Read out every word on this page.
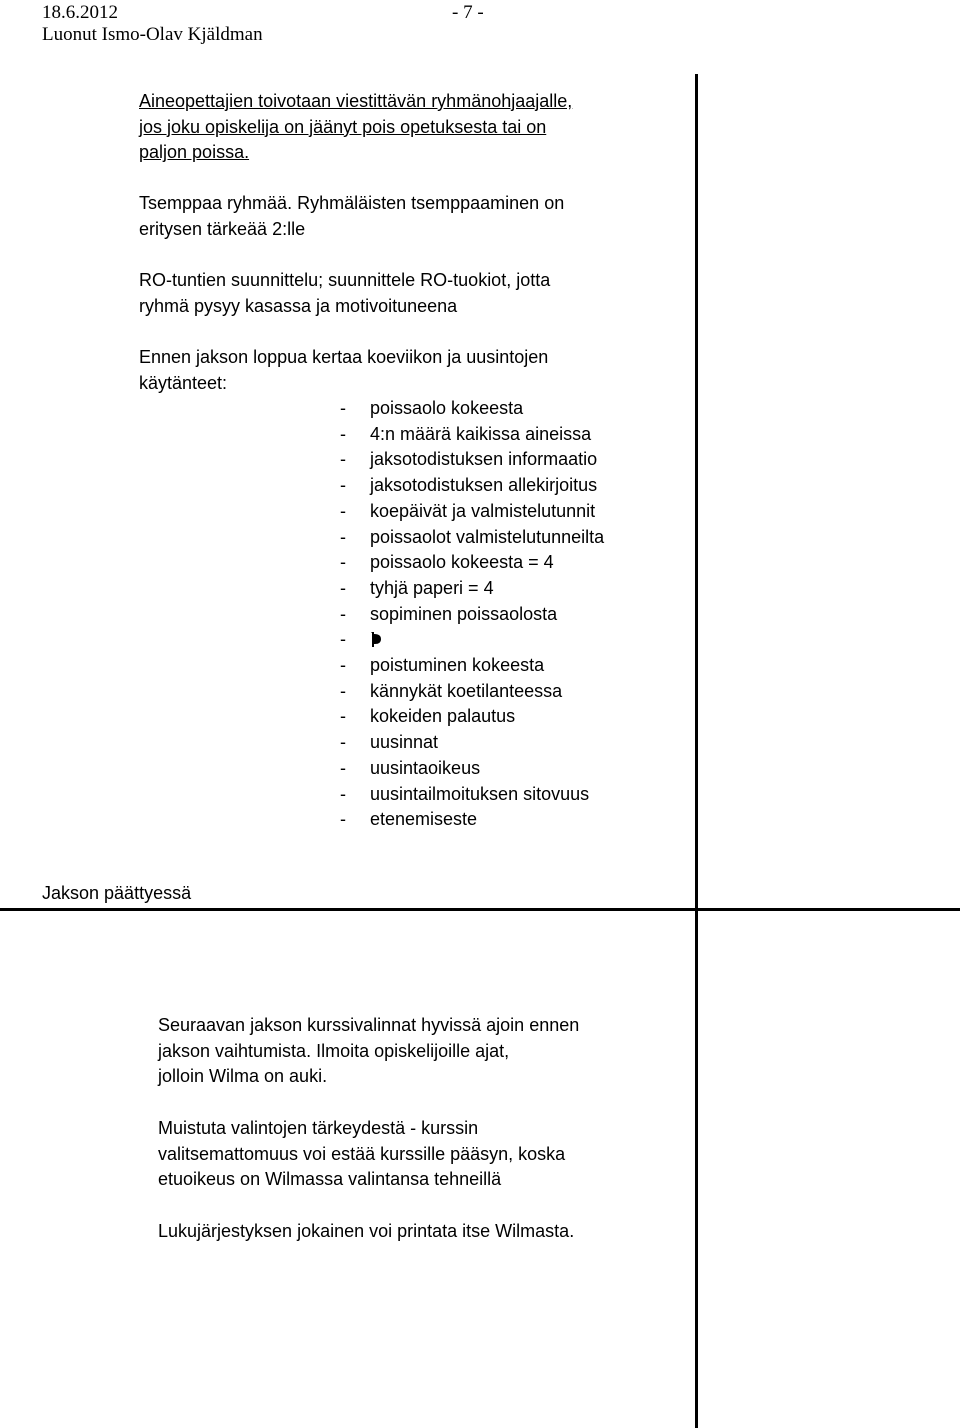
18.6.2012	- 7 -
Luonut Ismo-Olav Kjäldman
Aineopettajien toivotaan viestittävän ryhmänohjaajalle,
jos joku opiskelija on jäänyt pois opetuksesta tai on
paljon poissa.
Tsemppaa ryhmää. Ryhmäläisten tsemppaaminen on
eritysen tärkeää 2:lle
RO-tuntien suunnittelu; suunnittele RO-tuokiot, jotta
ryhmä pysyy kasassa ja motivoituneena
Ennen jakson loppua kertaa koeviikon ja uusintojen
käytänteet:
- poissaolo kokeesta
- 4:n määrä kaikissa aineissa
- jaksotodistuksen informaatio
- jaksotodistuksen allekirjoitus
- koepäivät ja valmistelutunnit
- poissaolot valmistelutunneilta
- poissaolo kokeesta = 4
- tyhjä paperi = 4
- sopiminen poissaolosta
-
- poistuminen kokeesta
- kännykät koetilanteessa
- kokeiden palautus
- uusinnat
- uusintaoikeus
- uusintailmoituksen sitovuus
- etenemiseste
Jakson päättyessä
Seuraavan jakson kurssivalinnat hyvissä ajoin ennen
jakson vaihtumista. Ilmoita opiskelijoille ajat,
jolloin Wilma on auki.
Muistuta valintojen tärkeydestä - kurssin
valitsemattomuus voi estää kurssille pääsyn, koska
etuoikeus on Wilmassa valintansa tehneillä
Lukujärjestyksen jokainen voi printata itse Wilmasta.
